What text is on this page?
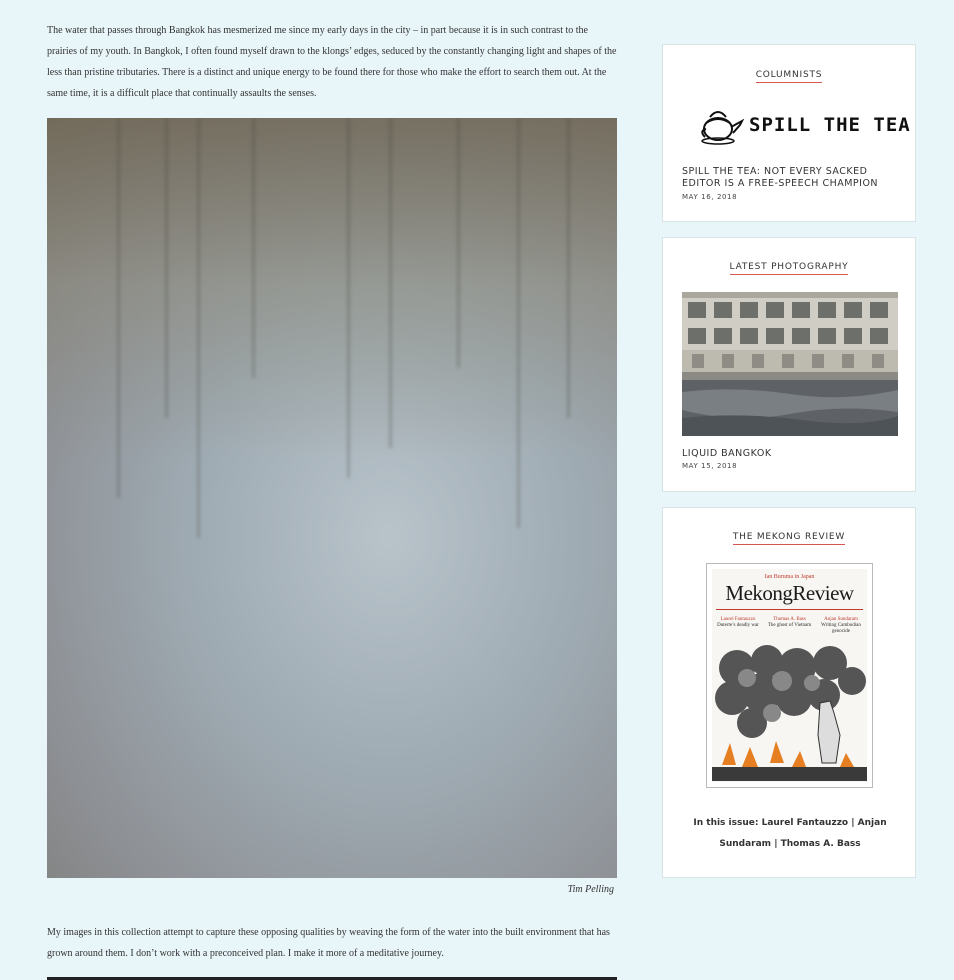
The water that passes through Bangkok has mesmerized me since my early days in the city – in part because it is in such contrast to the prairies of my youth. In Bangkok, I often found myself drawn to the klongs’ edges, seduced by the constantly changing light and shapes of the less than pristine tributaries. There is a distinct and unique energy to be found there for those who make the effort to search them out. At the same time, it is a difficult place that continually assaults the senses.

Tim Pelling

My images in this collection attempt to capture these opposing qualities by weaving the form of the water into the built environment that has grown around them. I don’t work with a preconceived plan. I make it more of a meditative journey.

COLUMNISTS
SPILL THE TEA
SPILL THE TEA: NOT EVERY SACKED EDITOR IS A FREE-SPEECH CHAMPION
MAY 16, 2018
LATEST PHOTOGRAPHY
LIQUID BANGKOK
MAY 15, 2018
THE MEKONG REVIEW
Ian Buruma in Japan
MekongReview
Laurel Fantauzzo
Duterte’s deadly war
Thomas A. Bass
The ghost of Vietnam
Anjan Sundaram
Writing Cambodian genocide
In this issue: Laurel Fantauzzo | Anjan Sundaram | Thomas A. Bass
